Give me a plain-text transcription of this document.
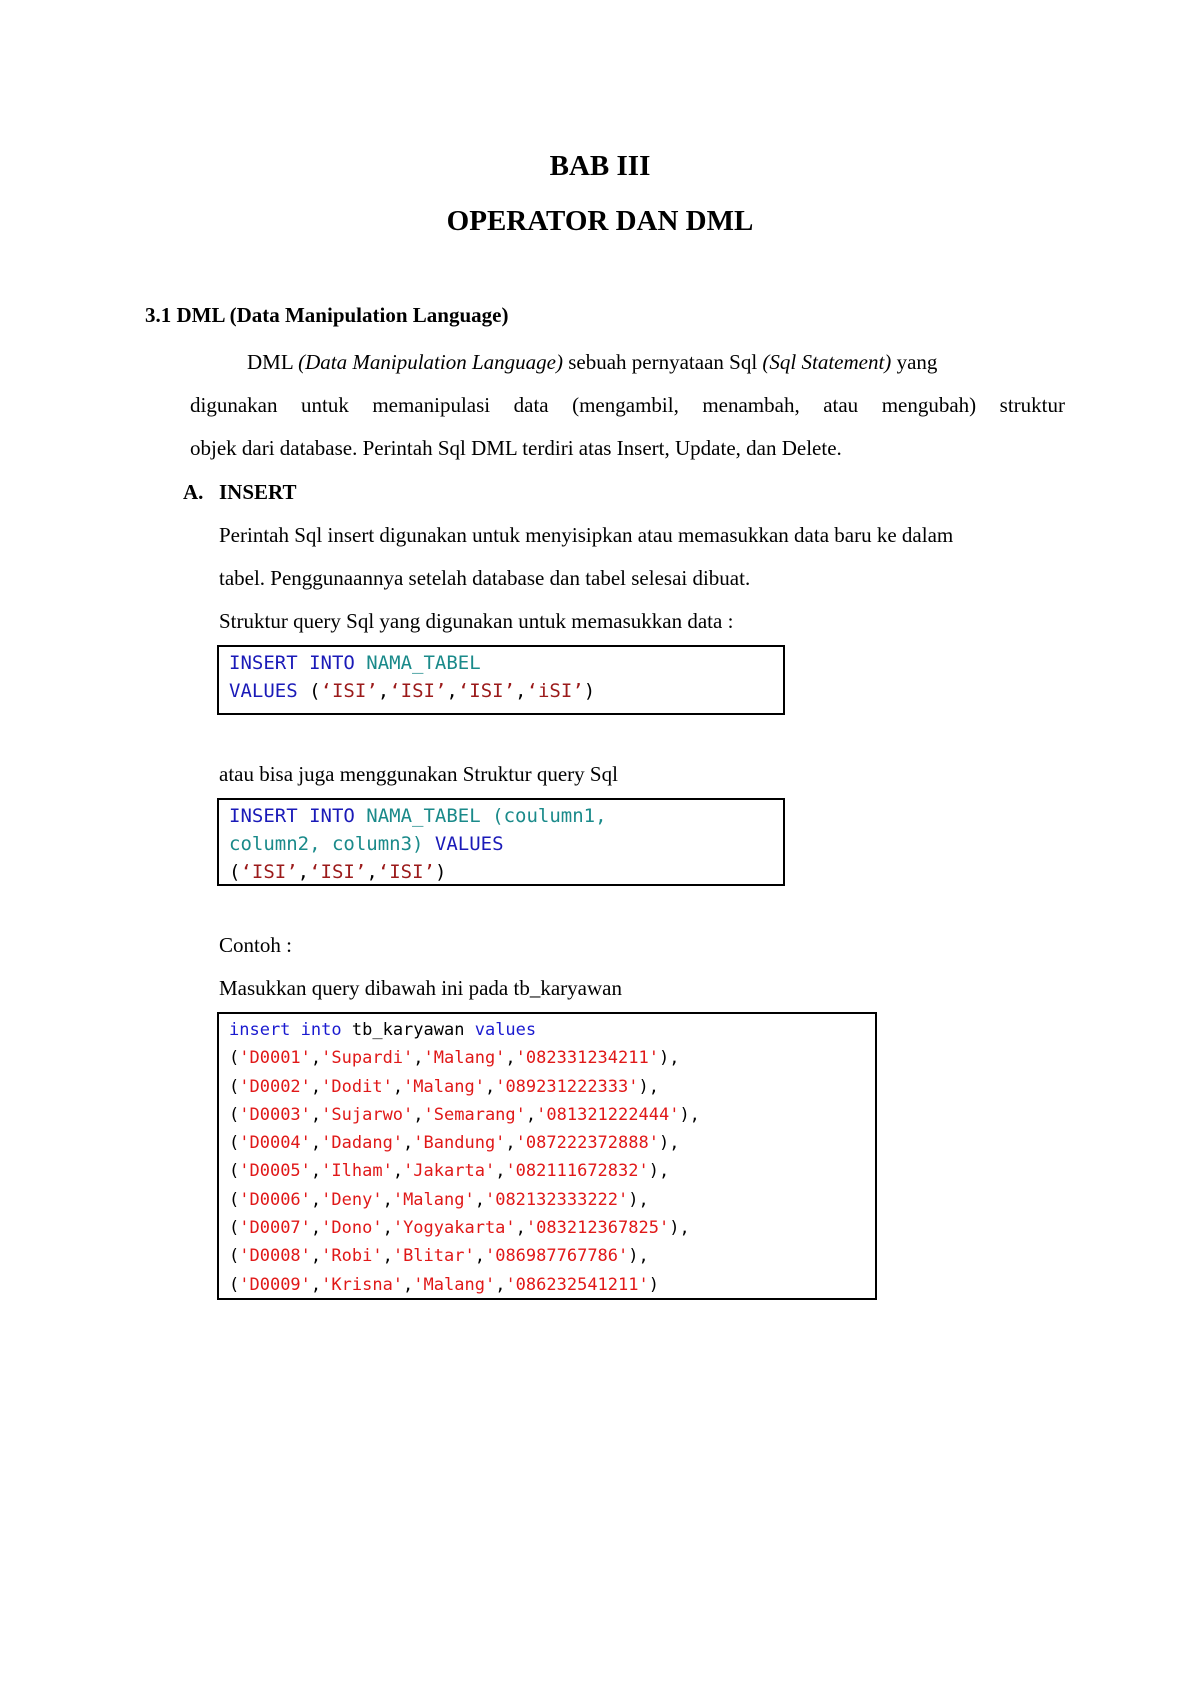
BAB III
OPERATOR DAN DML
3.1 DML (Data Manipulation Language)

DML (Data Manipulation Language) sebuah pernyataan Sql (Sql Statement) yang

digunakan untuk memanipulasi data (mengambil, menambah, atau mengubah) struktur

objek dari database. Perintah Sql DML terdiri atas Insert, Update, dan Delete.

A. INSERT

Perintah Sql insert digunakan untuk menyisipkan atau memasukkan data baru ke dalam

tabel. Penggunaannya setelah database dan tabel selesai dibuat.

Struktur query Sql yang digunakan untuk memasukkan data :

INSERT INTO NAMA_TABEL
VALUES (‘ISI’,‘ISI’,‘ISI’,‘iSI’)

atau bisa juga menggunakan Struktur query Sql

INSERT INTO NAMA_TABEL (coulumn1,
column2, column3) VALUES
(‘ISI’,‘ISI’,‘ISI’)

Contoh :

Masukkan query dibawah ini pada tb_karyawan

insert into tb_karyawan values
('D0001','Supardi','Malang','082331234211'),
('D0002','Dodit','Malang','089231222333'),
('D0003','Sujarwo','Semarang','081321222444'),
('D0004','Dadang','Bandung','087222372888'),
('D0005','Ilham','Jakarta','082111672832'),
('D0006','Deny','Malang','082132333222'),
('D0007','Dono','Yogyakarta','083212367825'),
('D0008','Robi','Blitar','086987767786'),
('D0009','Krisna','Malang','086232541211')
